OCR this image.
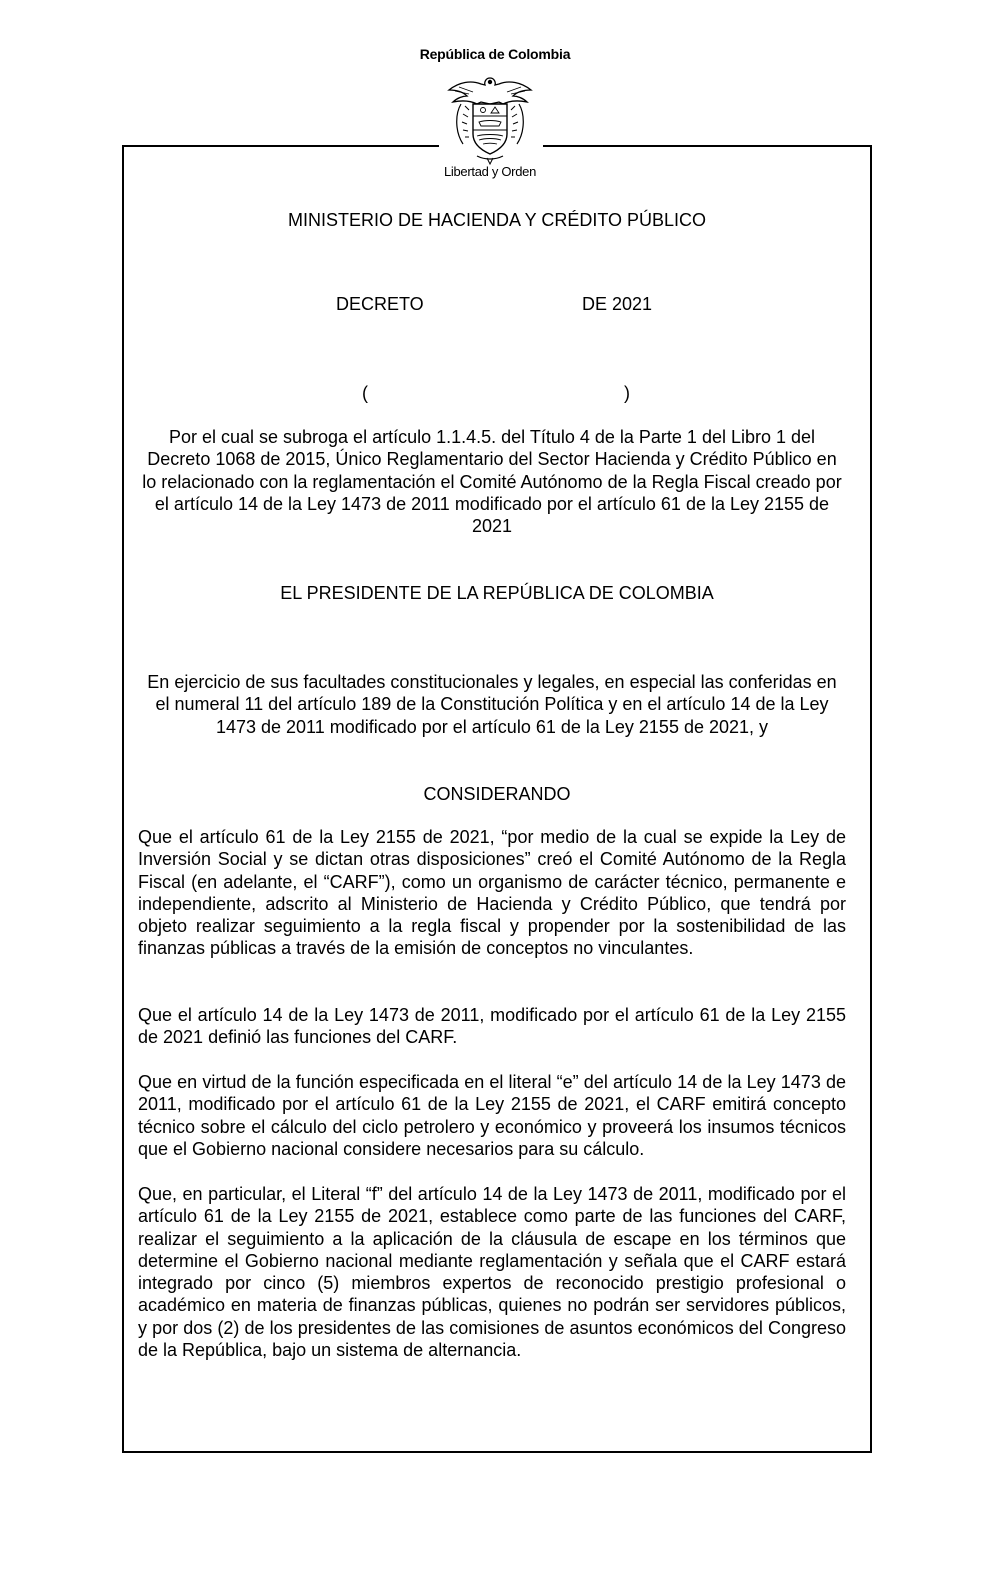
República de Colombia
Libertad y Orden
MINISTERIO DE HACIENDA Y CRÉDITO PÚBLICO
DECRETO	DE 2021
(	)
Por el cual se subroga el artículo 1.1.4.5. del Título 4 de la Parte 1 del Libro 1 del Decreto 1068 de 2015, Único Reglamentario del Sector Hacienda y Crédito Público en lo relacionado con la reglamentación el Comité Autónomo de la Regla Fiscal creado por el artículo 14 de la Ley 1473 de 2011 modificado por el artículo 61 de la Ley 2155 de 2021
EL PRESIDENTE DE LA REPÚBLICA DE COLOMBIA
En ejercicio de sus facultades constitucionales y legales, en especial las conferidas en el numeral 11 del artículo 189 de la Constitución Política y en el artículo 14 de la Ley 1473 de 2011 modificado por el artículo 61 de la Ley 2155 de 2021, y
CONSIDERANDO
Que el artículo 61 de la Ley 2155 de 2021, “por medio de la cual se expide la Ley de Inversión Social y se dictan otras disposiciones” creó el Comité Autónomo de la Regla Fiscal (en adelante, el “CARF”), como un organismo de carácter técnico, permanente e independiente, adscrito al Ministerio de Hacienda y Crédito Público, que tendrá por objeto realizar seguimiento a la regla fiscal y propender por la sostenibilidad de las finanzas públicas a través de la emisión de conceptos no vinculantes.
Que el artículo 14 de la Ley 1473 de 2011, modificado por el artículo 61 de la Ley 2155 de 2021 definió las funciones del CARF.
Que en virtud de la función especificada en el literal “e” del artículo 14 de la Ley 1473 de 2011, modificado por el artículo 61 de la Ley 2155 de 2021, el CARF emitirá concepto técnico sobre el cálculo del ciclo petrolero y económico y proveerá los insumos técnicos que el Gobierno nacional considere necesarios para su cálculo.
Que, en particular, el Literal “f” del artículo 14 de la Ley 1473 de 2011, modificado por el artículo 61 de la Ley 2155 de 2021, establece como parte de las funciones del CARF, realizar el seguimiento a la aplicación de la cláusula de escape en los términos que determine el Gobierno nacional mediante reglamentación y señala que el CARF estará integrado por cinco (5) miembros expertos de reconocido prestigio profesional o académico en materia de finanzas públicas, quienes no podrán ser servidores públicos, y por dos (2) de los presidentes de las comisiones de asuntos económicos del Congreso de la República, bajo un sistema de alternancia.
